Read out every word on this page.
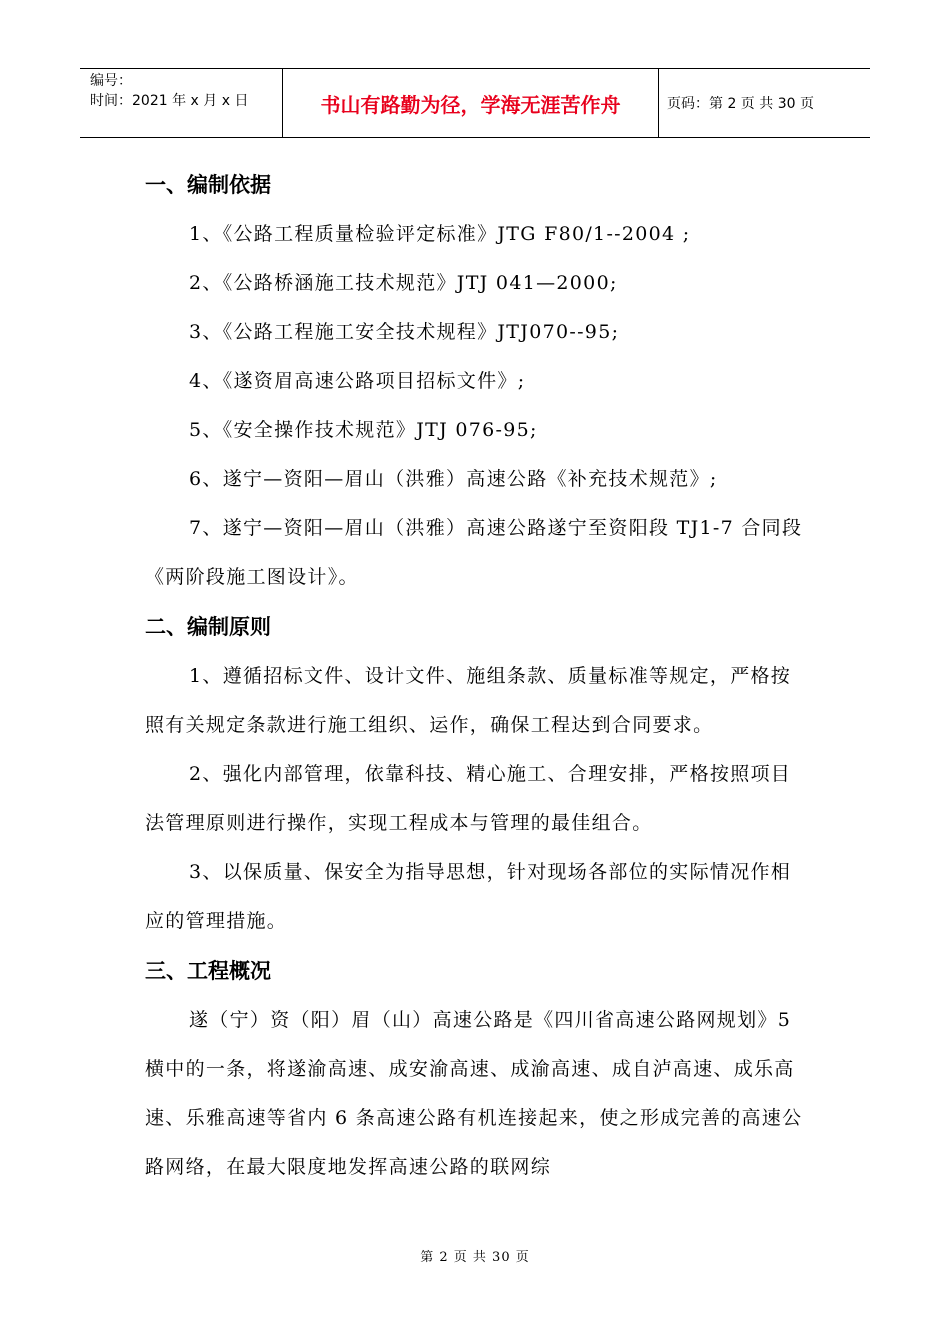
编号：
时间：2021 年 x 月 x 日	书山有路勤为径，学海无涯苦作舟	页码：第 2 页 共 30 页
一、编制依据

1、《公路工程质量检验评定标准》JTG F80/1--2004 ;

2、《公路桥涵施工技术规范》JTJ 041—2000;

3、《公路工程施工安全技术规程》JTJ070--95;

4、《遂资眉高速公路项目招标文件》;

5、《安全操作技术规范》JTJ 076-95;

6、遂宁—资阳—眉山（洪雅）高速公路《补充技术规范》;

7、遂宁—资阳—眉山（洪雅）高速公路遂宁至资阳段 TJ1-7 合同段《两阶段施工图设计》。

二、编制原则

1、遵循招标文件、设计文件、施组条款、质量标准等规定，严格按照有关规定条款进行施工组织、运作，确保工程达到合同要求。

2、强化内部管理，依靠科技、精心施工、合理安排，严格按照项目法管理原则进行操作，实现工程成本与管理的最佳组合。

3、以保质量、保安全为指导思想，针对现场各部位的实际情况作相应的管理措施。

三、工程概况

遂（宁）资（阳）眉（山）高速公路是《四川省高速公路网规划》5 横中的一条，将遂渝高速、成安渝高速、成渝高速、成自泸高速、成乐高速、乐雅高速等省内 6 条高速公路有机连接起来，使之形成完善的高速公路网络，在最大限度地发挥高速公路的联网综

第 2 页 共 30 页
